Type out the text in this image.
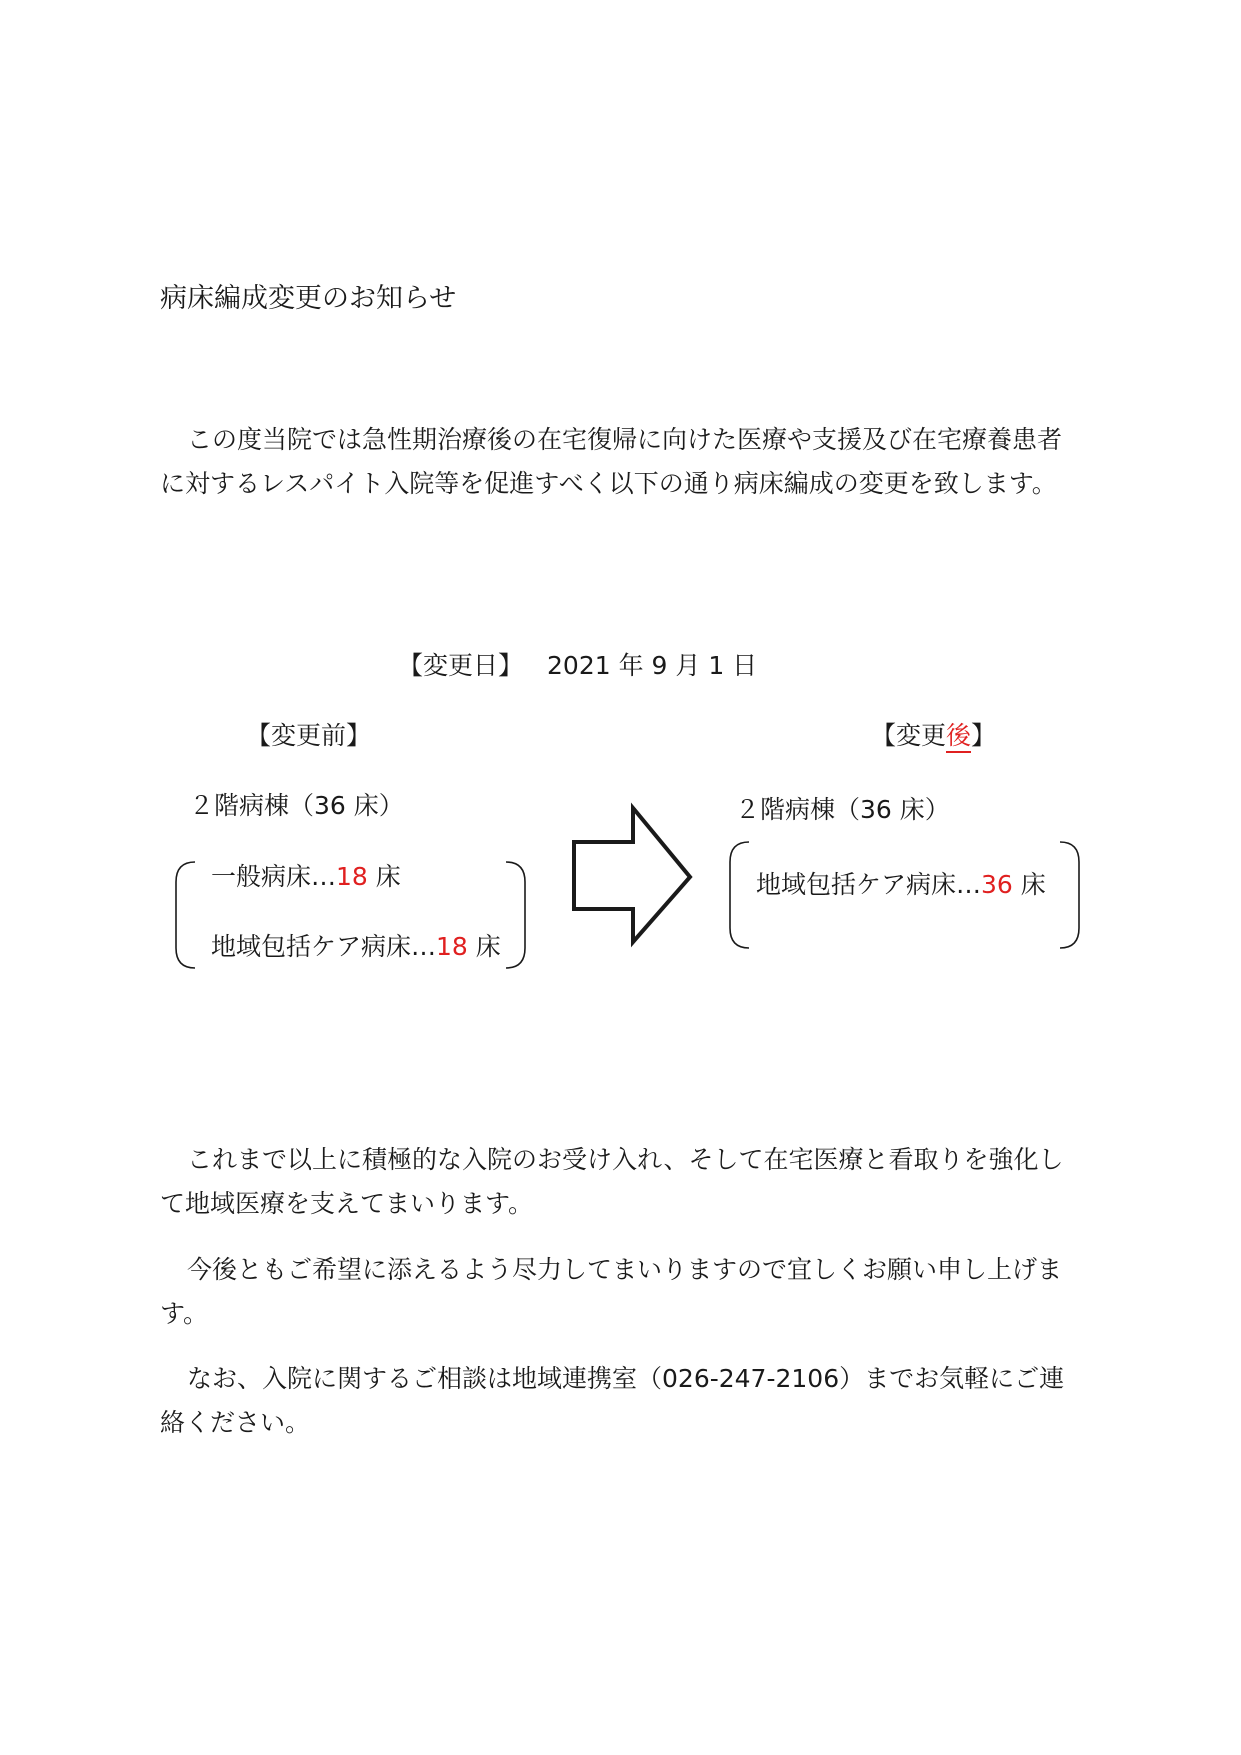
病床編成変更のお知らせ
この度当院では急性期治療後の在宅復帰に向けた医療や支援及び在宅療養患者に対するレスパイト入院等を促進すべく以下の通り病床編成の変更を致します。
【変更日】 2021 年 9 月 1 日
【変更前】	【変更後】
２階病棟（36 床）	２階病棟（36 床）
一般病床…18 床
地域包括ケア病床…18 床
地域包括ケア病床…36 床
これまで以上に積極的な入院のお受け入れ、そして在宅医療と看取りを強化して地域医療を支えてまいります。
今後ともご希望に添えるよう尽力してまいりますので宜しくお願い申し上げます。
なお、入院に関するご相談は地域連携室（026-247-2106）までお気軽にご連絡ください。
